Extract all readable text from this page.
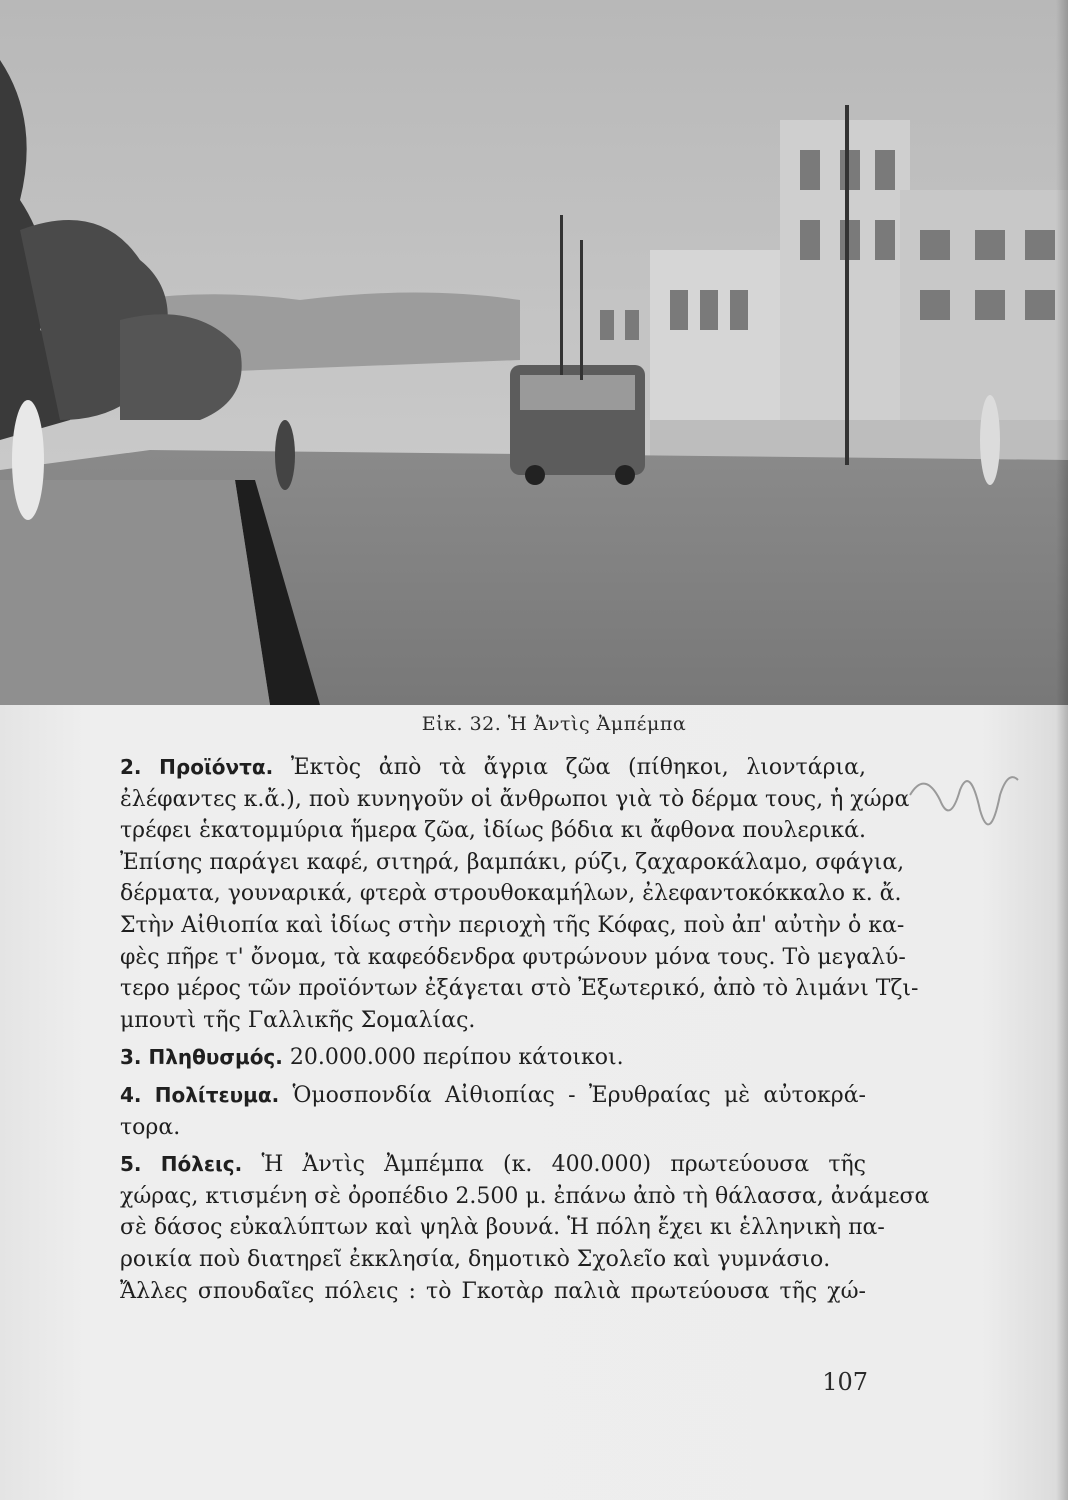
Εἰκ. 32. Ἡ Ἀντὶς Ἀμπέμπα
2. Προϊόντα. Ἐκτὸς ἀπὸ τὰ ἄγρια ζῶα (πίθηκοι, λιοντάρια,
ἐλέφαντες κ.ἄ.), ποὺ κυνηγοῦν οἱ ἄνθρωποι γιὰ τὸ δέρμα τους, ἡ χώρα
τρέφει ἑκατομμύρια ἥμερα ζῶα, ἰδίως βόδια κι ἄφθονα πουλερικά.
Ἐπίσης παράγει καφέ, σιτηρά, βαμπάκι, ρύζι, ζαχαροκάλαμο, σφάγια,
δέρματα, γουναρικά, φτερὰ στρουθοκαμήλων, ἐλεφαντοκόκκαλο κ. ἄ.
Στὴν Αἰθιοπία καὶ ἰδίως στὴν περιοχὴ τῆς Κόφας, ποὺ ἀπ' αὐτὴν ὁ κα-
φὲς πῆρε τ' ὄνομα, τὰ καφεόδενδρα φυτρώνουν μόνα τους. Τὸ μεγαλύ-
τερο μέρος τῶν προϊόντων ἐξάγεται στὸ Ἐξωτερικό, ἀπὸ τὸ λιμάνι Τζι-
μπουτὶ τῆς Γαλλικῆς Σομαλίας.
3. Πληθυσμός. 20.000.000 περίπου κάτοικοι.
4. Πολίτευμα. Ὁμοσπονδία Αἰθιοπίας - Ἐρυθραίας μὲ αὐτοκρά-
τορα.
5. Πόλεις. Ἡ Ἀντὶς Ἀμπέμπα (κ. 400.000) πρωτεύουσα τῆς
χώρας, κτισμένη σὲ ὀροπέδιο 2.500 μ. ἐπάνω ἀπὸ τὴ θάλασσα, ἀνάμεσα
σὲ δάσος εὐκαλύπτων καὶ ψηλὰ βουνά. Ἡ πόλη ἔχει κι ἑλληνικὴ πα-
ροικία ποὺ διατηρεῖ ἐκκλησία, δημοτικὸ Σχολεῖο καὶ γυμνάσιο.
Ἄλλες σπουδαῖες πόλεις : τὸ Γκοτὰρ παλιὰ πρωτεύουσα τῆς χώ-
107
